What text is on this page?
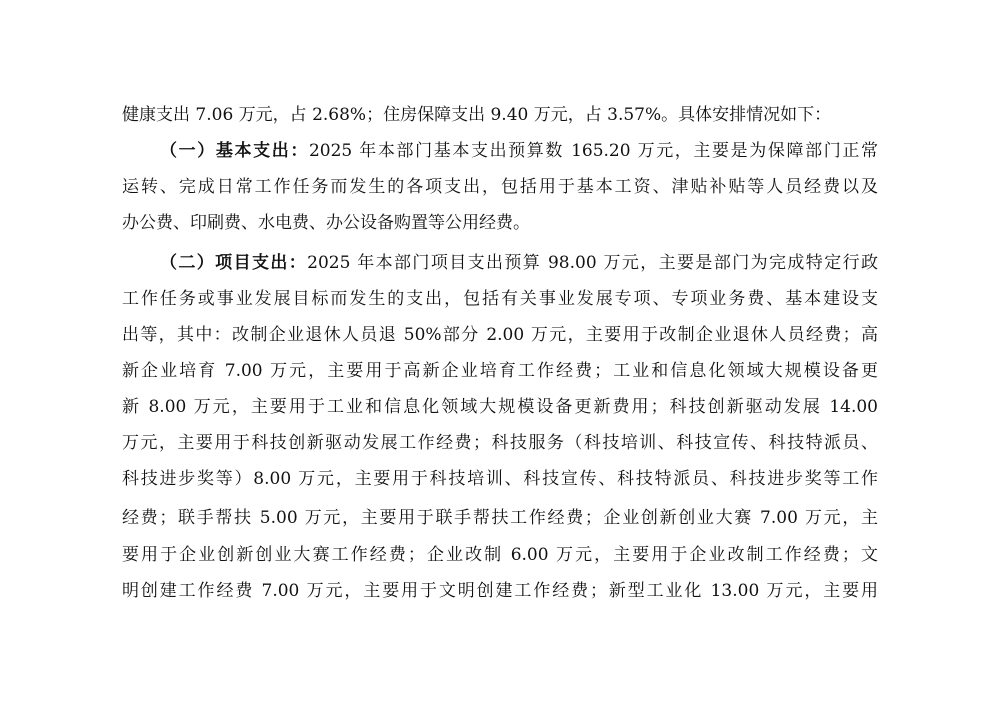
健康支出 7.06 万元，占 2.68%；住房保障支出 9.40 万元，占 3.57%。具体安排情况如下：
（一）基本支出：2025 年本部门基本支出预算数 165.20 万元，主要是为保障部门正常
运转、完成日常工作任务而发生的各项支出，包括用于基本工资、津贴补贴等人员经费以及
办公费、印刷费、水电费、办公设备购置等公用经费。
（二）项目支出：2025 年本部门项目支出预算 98.00 万元，主要是部门为完成特定行政
工作任务或事业发展目标而发生的支出，包括有关事业发展专项、专项业务费、基本建设支
出等，其中：改制企业退休人员退 50%部分 2.00 万元，主要用于改制企业退休人员经费；高
新企业培育 7.00 万元，主要用于高新企业培育工作经费；工业和信息化领域大规模设备更
新 8.00 万元，主要用于工业和信息化领域大规模设备更新费用；科技创新驱动发展 14.00
万元，主要用于科技创新驱动发展工作经费；科技服务（科技培训、科技宣传、科技特派员、
科技进步奖等）8.00 万元，主要用于科技培训、科技宣传、科技特派员、科技进步奖等工作
经费；联手帮扶 5.00 万元，主要用于联手帮扶工作经费；企业创新创业大赛 7.00 万元，主
要用于企业创新创业大赛工作经费；企业改制 6.00 万元，主要用于企业改制工作经费；文
明创建工作经费 7.00 万元，主要用于文明创建工作经费；新型工业化 13.00 万元，主要用
